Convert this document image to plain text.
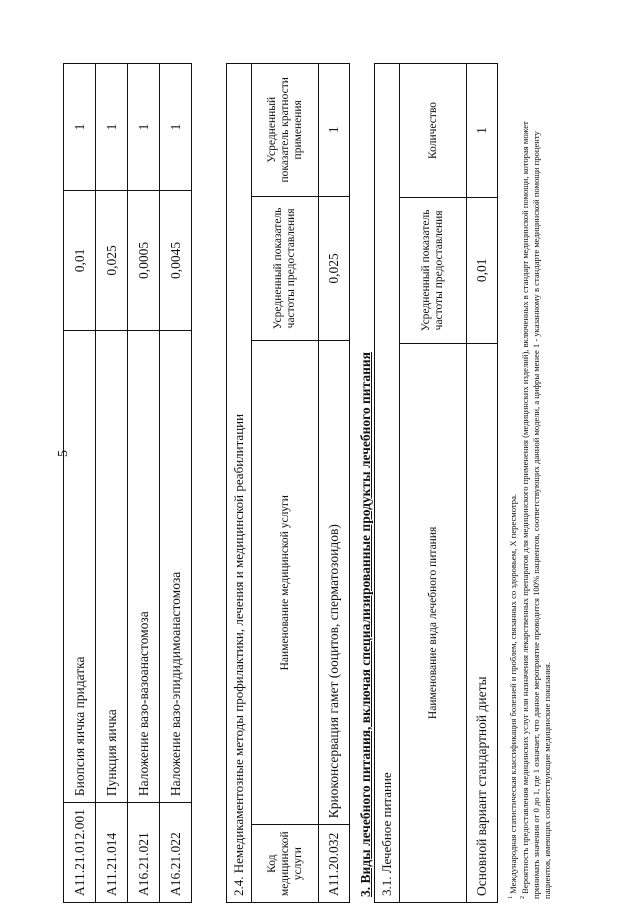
5
A11.21.012.001	Биопсия яичка придатка	0,01	1
A11.21.014	Пункция яичка	0,025	1
A16.21.021	Наложение вазо-вазоанастомоза	0,0005	1
A16.21.022	Наложение вазо-эпидидимоанастомоза	0,0045	1
2.4. Немедикаментозные методы профилактики, лечения и медицинской реабилитации			
Код медицинской услуги	Наименование медицинской услуги	Усредненный показатель частоты предоставления	Усредненный показатель кратности применения
A11.20.032	Криоконсервация гамет (ооцитов, сперматозоидов)	0,025	1
3. Виды лечебного питания, включая специализированные продукты лечебного питания 3.1. Лечебное питание		
Наименование вида лечебного питания	Усредненный показатель частоты предоставления	Количество
Основной вариант стандартной диеты	0,01	1

$^1$ Международная статистическая классификация болезней и проблем, связанных со здоровьем, X пересмотра.

$^2$ Вероятность предоставления медицинских услуг или назначения лекарственных препаратов для медицинского применения (медицинских изделий), включенных в стандарт медицинской помощи, которая может принимать значения от 0 до 1, где 1 означает, что данное мероприятие проводится 100% пациентов, соответствующих данной модели, а цифры менее 1 - указанному в стандарте медицинской помощи проценту пациентов, имеющих соответствующие медицинские показания.
